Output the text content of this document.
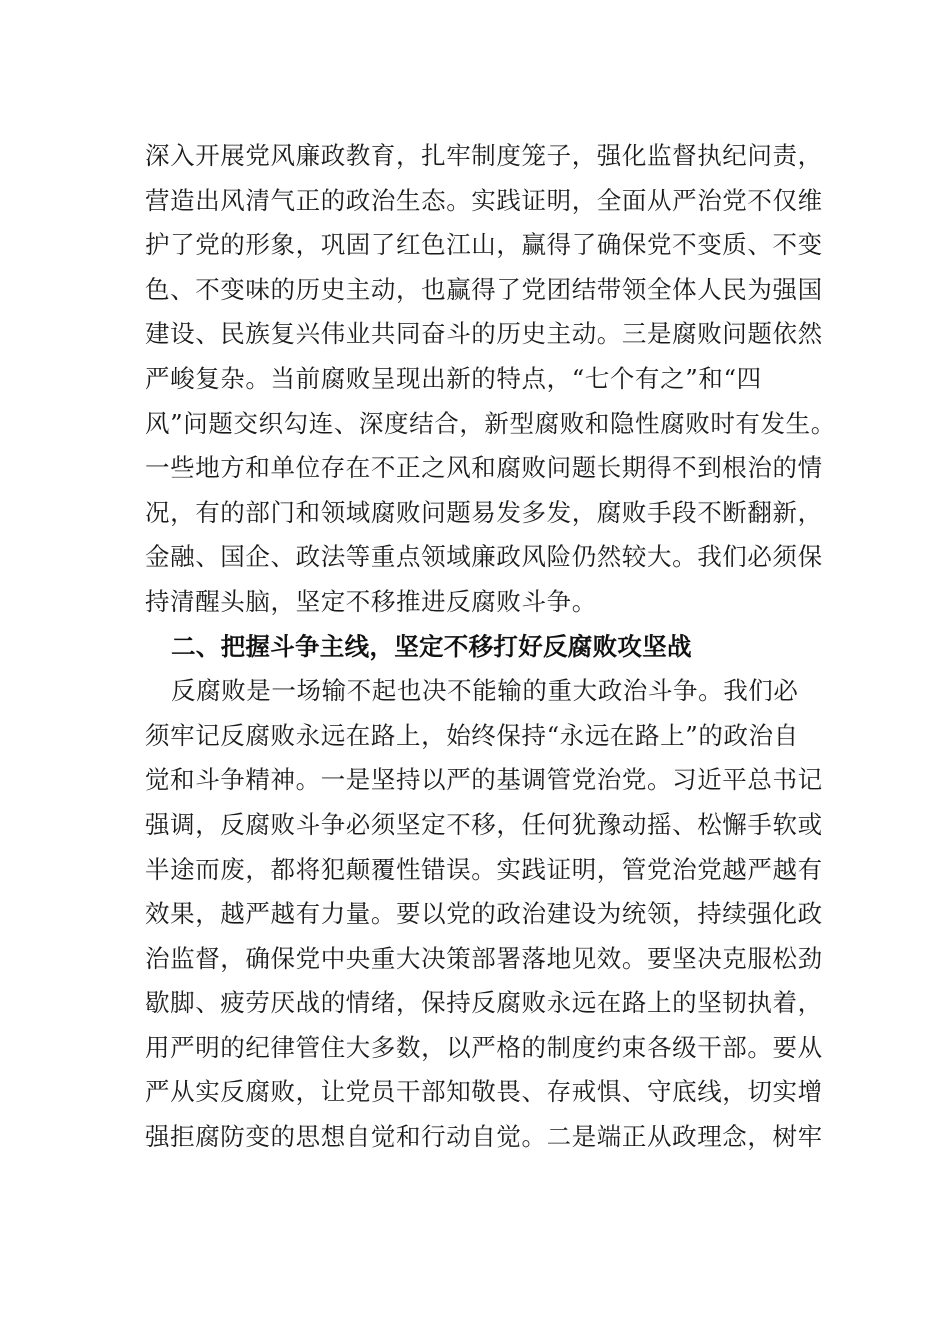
深入开展党风廉政教育，扎牢制度笼子，强化监督执纪问责，
营造出风清气正的政治生态。实践证明，全面从严治党不仅维
护了党的形象，巩固了红色江山，赢得了确保党不变质、不变
色、不变味的历史主动，也赢得了党团结带领全体人民为强国
建设、民族复兴伟业共同奋斗的历史主动。三是腐败问题依然
严峻复杂。当前腐败呈现出新的特点，“七个有之”和“四
风”问题交织勾连、深度结合，新型腐败和隐性腐败时有发生。
一些地方和单位存在不正之风和腐败问题长期得不到根治的情
况，有的部门和领域腐败问题易发多发，腐败手段不断翻新，
金融、国企、政法等重点领域廉政风险仍然较大。我们必须保
持清醒头脑，坚定不移推进反腐败斗争。
二、把握斗争主线，坚定不移打好反腐败攻坚战
反腐败是一场输不起也决不能输的重大政治斗争。我们必
须牢记反腐败永远在路上，始终保持“永远在路上”的政治自
觉和斗争精神。一是坚持以严的基调管党治党。习近平总书记
强调，反腐败斗争必须坚定不移，任何犹豫动摇、松懈手软或
半途而废，都将犯颠覆性错误。实践证明，管党治党越严越有
效果，越严越有力量。要以党的政治建设为统领，持续强化政
治监督，确保党中央重大决策部署落地见效。要坚决克服松劲
歇脚、疲劳厌战的情绪，保持反腐败永远在路上的坚韧执着，
用严明的纪律管住大多数，以严格的制度约束各级干部。要从
严从实反腐败，让党员干部知敬畏、存戒惧、守底线，切实增
强拒腐防变的思想自觉和行动自觉。二是端正从政理念，树牢
